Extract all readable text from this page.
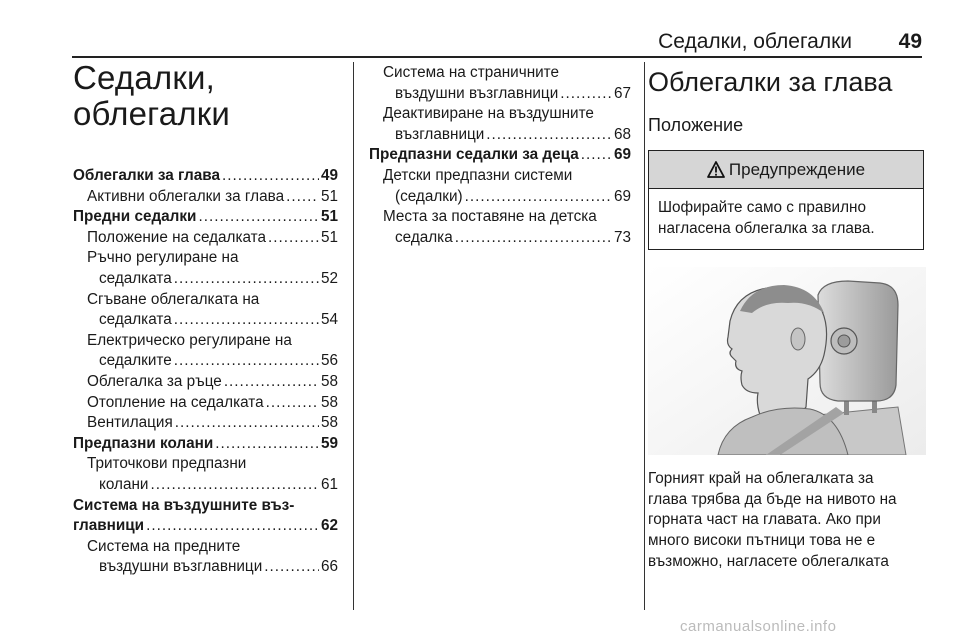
Седалки, облегалки 49
Седалки,
облегалки
Облегалки за глава .....	49
Активни облегалки за глава ..... 51
Предни седалки .....	51
Положение на седалката .....	51
Ръчно регулиране на
седалката .....	52
Сгъване облегалката на
седалката .....	54
Електрическо регулиране на
седалките .....	56
Облегалка за ръце .....	58
Отопление на седалката .....	58
Вентилация .....	58
Предпазни колани .....	59
Триточкови предпазни
колани .....	61
Система на въздушните въз-
главници .....	62
Система на предните
въздушни възглавници .....	66
Система на страничните
въздушни възглавници .....	67
Деактивиране на въздушните
възглавници .....	68
Предпазни седалки за деца ..... 69
Детски предпазни системи
(седалки) .....	69
Места за поставяне на детска
седалка .....	73
Облегалки за глава
Положение
Предупреждение
Шофирайте само с правилно
нагласена облегалка за глава.
Горният край на облегалката за
глава трябва да бъде на нивото на
горната част на главата. Ако при
много високи пътници това не е
възможно, нагласете облегалката
carmanualsonline.info
